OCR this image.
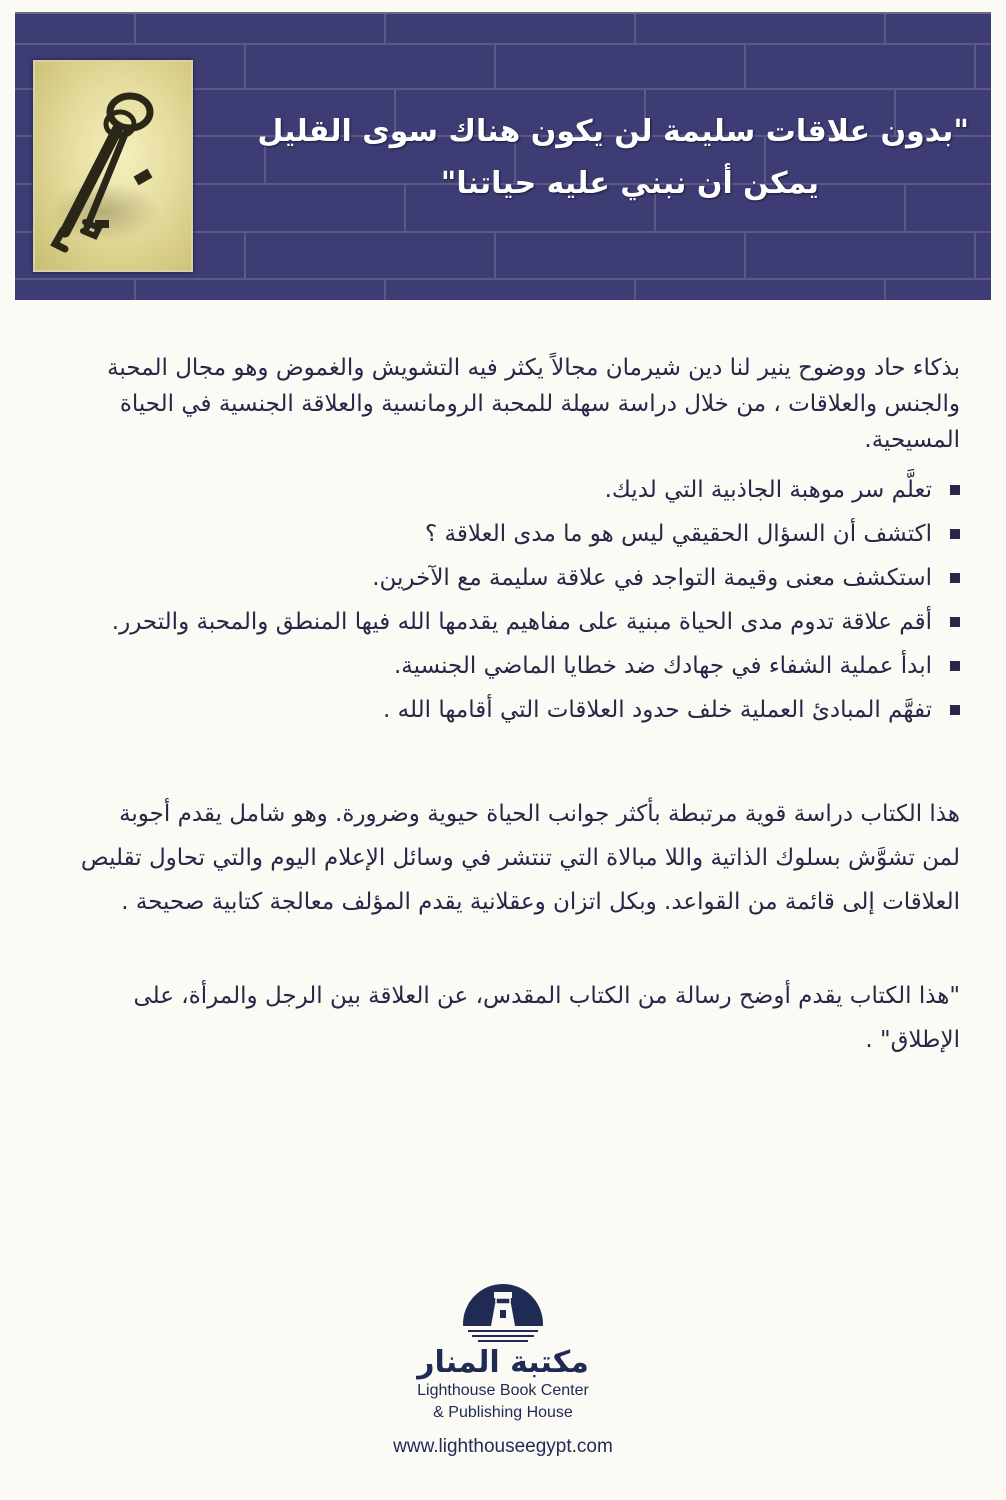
"بدون علاقات سليمة لن يكون هناك سوى القليل
يمكن أن نبني عليه حياتنا"

بذكاء حاد ووضوح ينير لنا دين شيرمان مجالاً يكثر فيه التشويش والغموض وهو مجال المحبة والجنس والعلاقات ، من خلال دراسة سهلة للمحبة الرومانسية والعلاقة الجنسية في الحياة المسيحية.

تعلَّم سر موهبة الجاذبية التي لديك.
اكتشف أن السؤال الحقيقي ليس هو ما مدى العلاقة ؟
استكشف معنى وقيمة التواجد في علاقة سليمة مع الآخرين.
أقم علاقة تدوم مدى الحياة مبنية على مفاهيم يقدمها الله فيها المنطق والمحبة والتحرر.
ابدأ عملية الشفاء في جهادك ضد خطايا الماضي الجنسية.
تفهَّم المبادئ العملية خلف حدود العلاقات التي أقامها الله .

هذا الكتاب دراسة قوية مرتبطة بأكثر جوانب الحياة حيوية وضرورة. وهو شامل يقدم أجوبة لمن تشوَّش بسلوك الذاتية واللا مبالاة التي تنتشر في وسائل الإعلام اليوم والتي تحاول تقليص العلاقات إلى قائمة من القواعد. وبكل اتزان وعقلانية يقدم المؤلف معالجة كتابية صحيحة .

"هذا الكتاب يقدم أوضح رسالة من الكتاب المقدس، عن العلاقة بين الرجل والمرأة، على الإطلاق" .

مكتبة المنار
Lighthouse Book Center
& Publishing House
www.lighthouseegypt.com
